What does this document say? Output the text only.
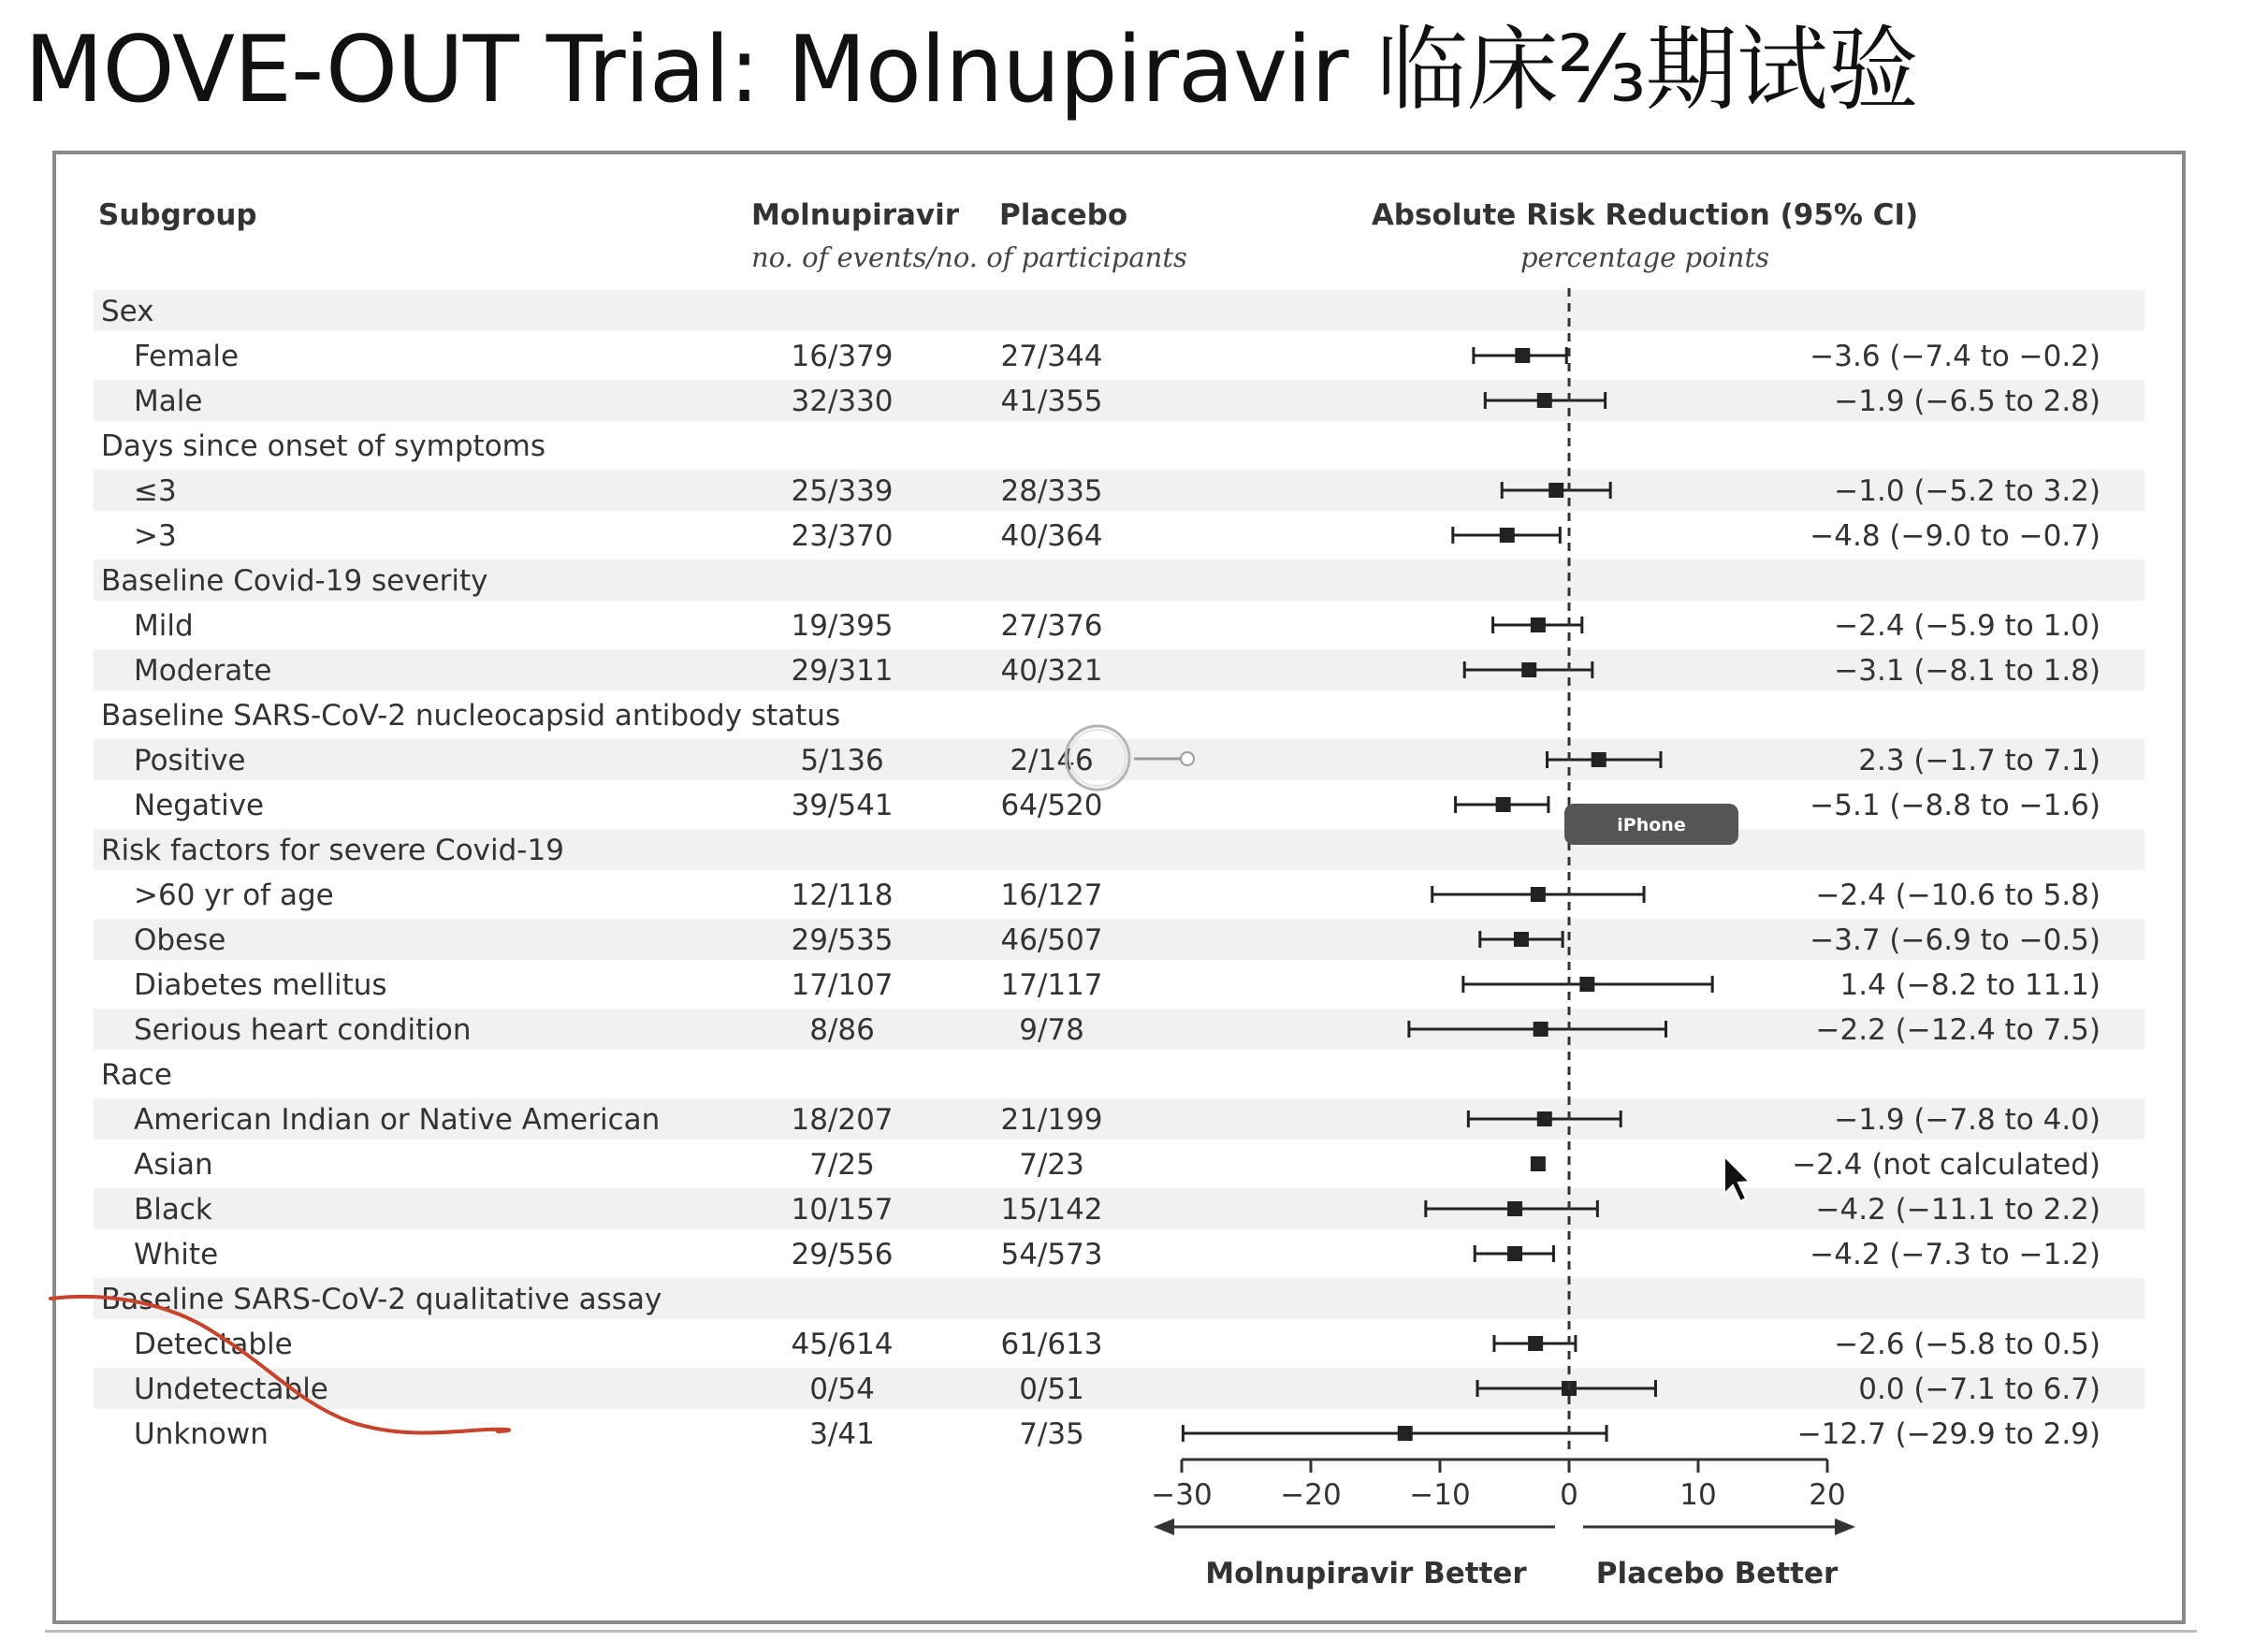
MOVE-OUT Trial: Molnupiravir 临床⅔期试验
Subgroup	Molnupiravir Placebo
no. of events/no. of participants
Absolute Risk Reduction (95% CI)
percentage points
Sex
Female	16/379	27/344	−3.6 (−7.4 to −0.2)
Male	32/330	41/355	−1.9 (−6.5 to 2.8)
Days since onset of symptoms
≤3	25/339	28/335	−1.0 (−5.2 to 3.2)
>3	23/370	40/364	−4.8 (−9.0 to −0.7)
Baseline Covid-19 severity
Mild	19/395	27/376	−2.4 (−5.9 to 1.0)
Moderate	29/311	40/321	−3.1 (−8.1 to 1.8)
Baseline SARS-CoV-2 nucleocapsid antibody status
Positive	5/136	2/146	2.3 (−1.7 to 7.1)
Negative	39/541	64/520	−5.1 (−8.8 to −1.6)
Risk factors for severe Covid-19
>60 yr of age	12/118	16/127	−2.4 (−10.6 to 5.8)
Obese	29/535	46/507	−3.7 (−6.9 to −0.5)
Diabetes mellitus	17/107	17/117	1.4 (−8.2 to 11.1)
Serious heart condition	8/86	9/78	−2.2 (−12.4 to 7.5)
Race
American Indian or Native American	18/207	21/199	−1.9 (−7.8 to 4.0)
Asian	7/25	7/23	−2.4 (not calculated)
Black	10/157	15/142	−4.2 (−11.1 to 2.2)
White	29/556	54/573	−4.2 (−7.3 to −1.2)
Baseline SARS-CoV-2 qualitative assay
Detectable	45/614	61/613	−2.6 (−5.8 to 0.5)
Undetectable	0/54	0/51	0.0 (−7.1 to 6.7)
Unknown	3/41	7/35	−12.7 (−29.9 to 2.9)
−30 −20 −10	0	10	20
Molnupiravir Better Placebo Better
iPhone
